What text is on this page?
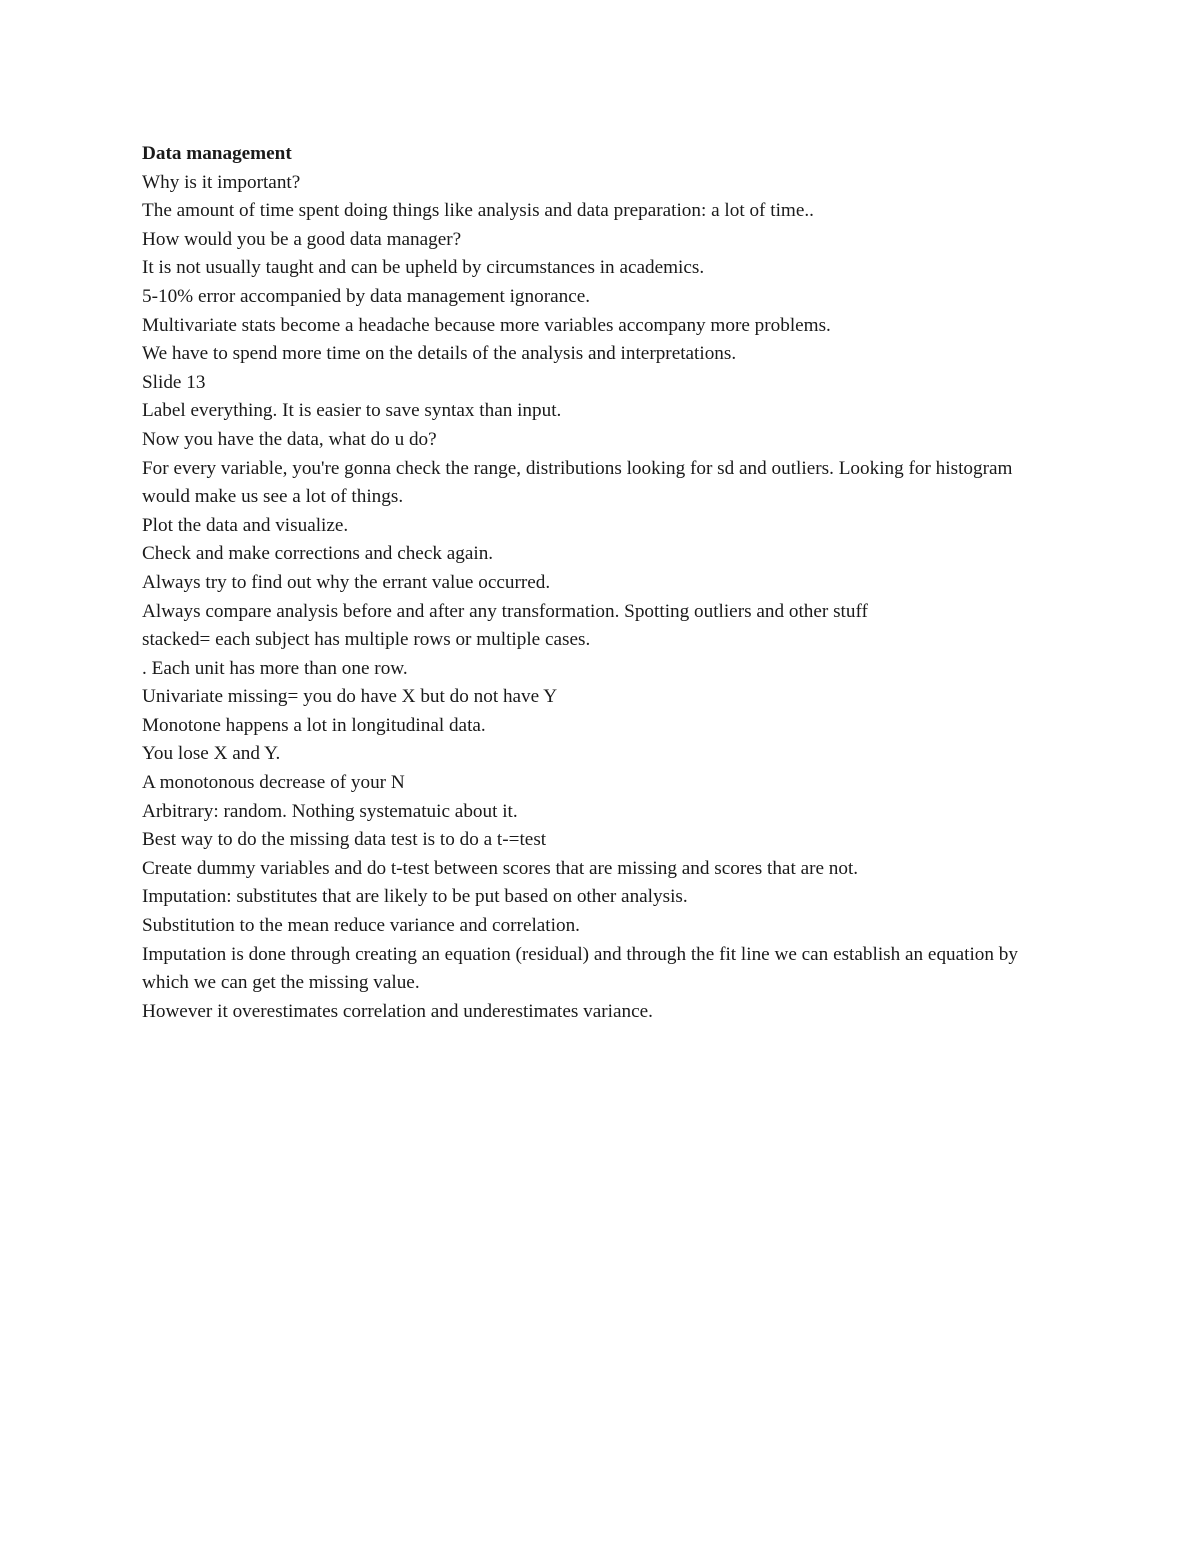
Data management

Why is it important?

The amount of time spent doing things like analysis and data preparation: a lot of time..

How would you be a good data manager?

It is not usually taught and can be upheld by circumstances in academics.

5-10% error accompanied by data management ignorance.

Multivariate stats become a headache because more variables accompany more problems.

We have to spend more time on the details of the analysis and interpretations.

Slide 13

Label everything. It is easier to save syntax than input.

Now you have the data, what do u do?

For every variable, you're gonna check the range, distributions looking for sd and outliers. Looking for histogram would make us see a lot of things.

Plot the data and visualize.

Check and make corrections and check again.

Always try to find out why the errant value occurred.

Always compare analysis before and after any transformation. Spotting outliers and other stuff

stacked= each subject has multiple rows or multiple cases.

. Each unit has more than one row.

Univariate missing= you do have X but do not have Y

Monotone happens a lot in longitudinal data.

You lose X and Y.

A monotonous decrease of your N

Arbitrary: random. Nothing systematuic about it.

Best way to do the missing data test is to do a t-=test

Create dummy variables and do t-test between scores that are missing and scores that are not.

Imputation: substitutes that are likely to be put based on other analysis.

Substitution to the mean reduce variance and correlation.

Imputation is done through creating an equation (residual) and through the fit line we can establish an equation by which we can get the missing value.

However it overestimates correlation and underestimates variance.
